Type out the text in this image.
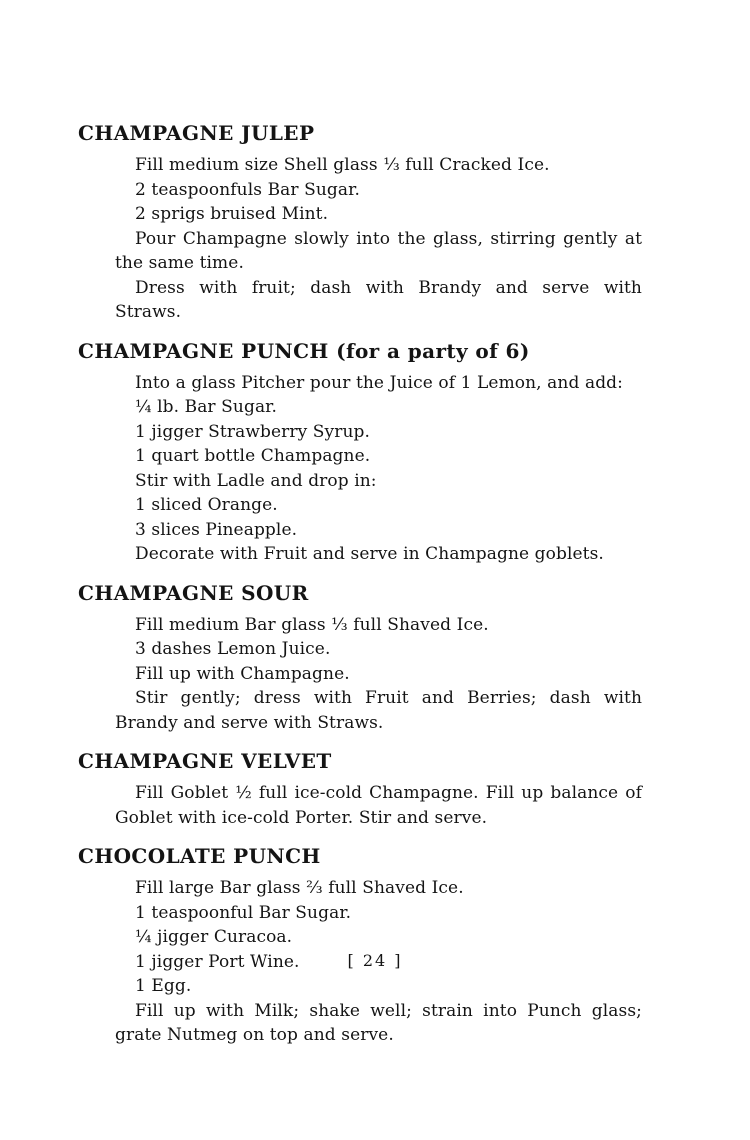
CHAMPAGNE JULEP

Fill medium size Shell glass ⅓ full Cracked Ice.

2 teaspoonfuls Bar Sugar.

2 sprigs bruised Mint.

Pour Champagne slowly into the glass, stirring gently at the same time.

Dress with fruit; dash with Brandy and serve with Straws.

CHAMPAGNE PUNCH (for a party of 6)

Into a glass Pitcher pour the Juice of 1 Lemon, and add:

¼ lb. Bar Sugar.

1 jigger Strawberry Syrup.

1 quart bottle Champagne.

Stir with Ladle and drop in:

1 sliced Orange.

3 slices Pineapple.

Decorate with Fruit and serve in Champagne goblets.

CHAMPAGNE SOUR

Fill medium Bar glass ⅓ full Shaved Ice.

3 dashes Lemon Juice.

Fill up with Champagne.

Stir gently; dress with Fruit and Berries; dash with Brandy and serve with Straws.

CHAMPAGNE VELVET

Fill Goblet ½ full ice-cold Champagne. Fill up balance of Goblet with ice-cold Porter. Stir and serve.

CHOCOLATE PUNCH

Fill large Bar glass ⅔ full Shaved Ice.

1 teaspoonful Bar Sugar.

¼ jigger Curacoa.

1 jigger Port Wine.

1 Egg.

Fill up with Milk; shake well; strain into Punch glass; grate Nutmeg on top and serve.

[ 24 ]
